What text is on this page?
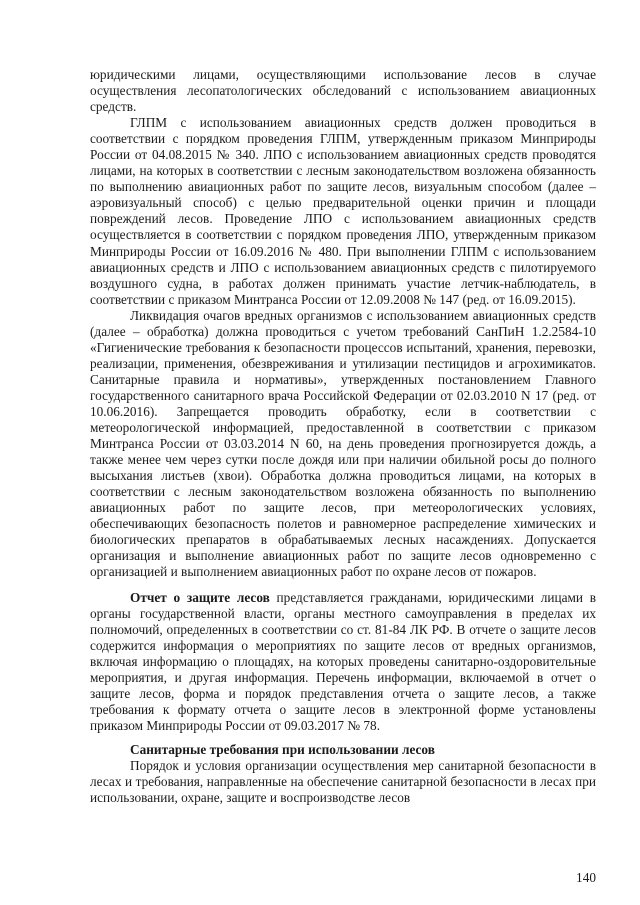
юридическими лицами, осуществляющими использование лесов в случае осуществления лесопатологических обследований с использованием авиационных средств.

ГЛПМ с использованием авиационных средств должен проводиться в соответствии с порядком проведения ГЛПМ, утвержденным приказом Минприроды России от 04.08.2015 № 340. ЛПО с использованием авиационных средств проводятся лицами, на которых в соответствии с лесным законодательством возложена обязанность по выполнению авиационных работ по защите лесов, визуальным способом (далее – аэровизуальный способ) с целью предварительной оценки причин и площади повреждений лесов. Проведение ЛПО с использованием авиационных средств осуществляется в соответствии с порядком проведения ЛПО, утвержденным приказом Минприроды России от 16.09.2016 № 480. При выполнении ГЛПМ с использованием авиационных средств и ЛПО с использованием авиационных средств с пилотируемого воздушного судна, в работах должен принимать участие летчик-наблюдатель, в соответствии с приказом Минтранса России от 12.09.2008 № 147 (ред. от 16.09.2015).

Ликвидация очагов вредных организмов с использованием авиационных средств (далее – обработка) должна проводиться с учетом требований СанПиН 1.2.2584-10 «Гигиенические требования к безопасности процессов испытаний, хранения, перевозки, реализации, применения, обезвреживания и утилизации пестицидов и агрохимикатов. Санитарные правила и нормативы», утвержденных постановлением Главного государственного санитарного врача Российской Федерации от 02.03.2010 N 17 (ред. от 10.06.2016). Запрещается проводить обработку, если в соответствии с метеорологической информацией, предоставленной в соответствии с приказом Минтранса России от 03.03.2014 N 60, на день проведения прогнозируется дождь, а также менее чем через сутки после дождя или при наличии обильной росы до полного высыхания листьев (хвои). Обработка должна проводиться лицами, на которых в соответствии с лесным законодательством возложена обязанность по выполнению авиационных работ по защите лесов, при метеорологических условиях, обеспечивающих безопасность полетов и равномерное распределение химических и биологических препаратов в обрабатываемых лесных насаждениях. Допускается организация и выполнение авиационных работ по защите лесов одновременно с организацией и выполнением авиационных работ по охране лесов от пожаров.

Отчет о защите лесов представляется гражданами, юридическими лицами в органы государственной власти, органы местного самоуправления в пределах их полномочий, определенных в соответствии со ст. 81-84 ЛК РФ. В отчете о защите лесов содержится информация о мероприятиях по защите лесов от вредных организмов, включая информацию о площадях, на которых проведены санитарно-оздоровительные мероприятия, и другая информация. Перечень информации, включаемой в отчет о защите лесов, форма и порядок представления отчета о защите лесов, а также требования к формату отчета о защите лесов в электронной форме установлены приказом Минприроды России от 09.03.2017 № 78.

Санитарные требования при использовании лесов

Порядок и условия организации осуществления мер санитарной безопасности в лесах и требования, направленные на обеспечение санитарной безопасности в лесах при использовании, охране, защите и воспроизводстве лесов

140
